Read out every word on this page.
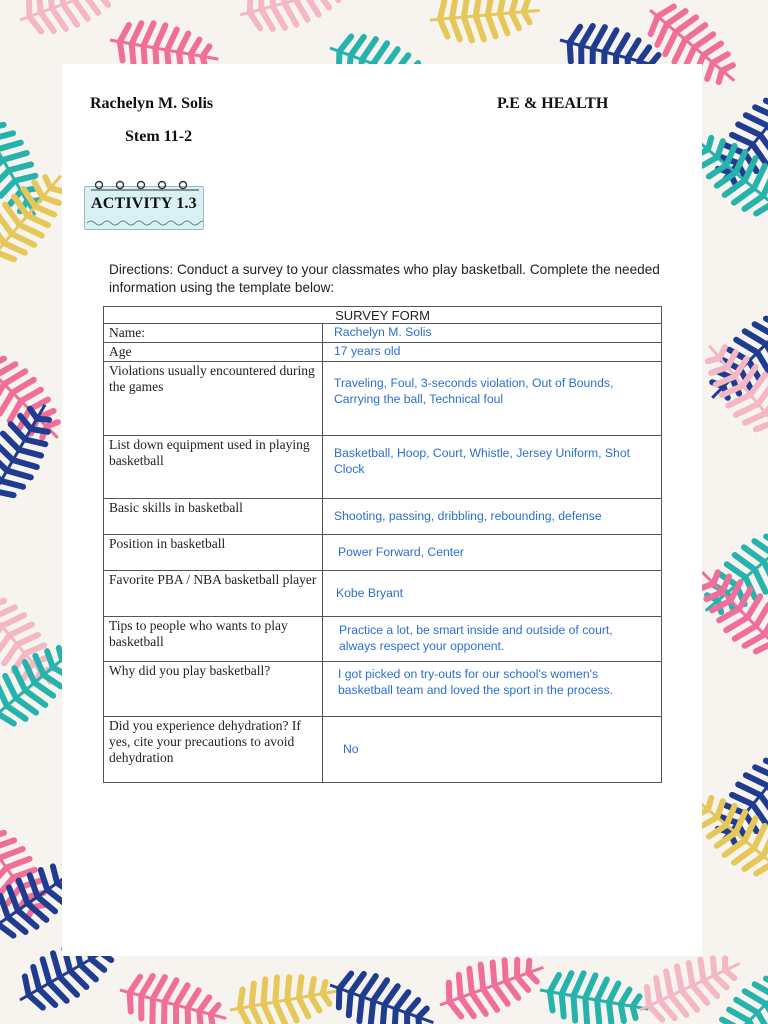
Rachelyn M. Solis
Stem 11-2
P.E & HEALTH
ACTIVITY 1.3
Directions: Conduct a survey to your classmates who play basketball. Complete the needed information using the template below:
SURVEY FORM	
Name:	Rachelyn M. Solis
Age	17 years old
Violations usually encountered during the games	Traveling, Foul, 3-seconds violation, Out of Bounds, Carrying the ball, Technical foul
List down equipment used in playing basketball	Basketball, Hoop, Court, Whistle, Jersey Uniform, Shot Clock
Basic skills in basketball	Shooting, passing, dribbling, rebounding, defense
Position in basketball	Power Forward, Center
Favorite PBA / NBA basketball player	Kobe Bryant
Tips to people who wants to play basketball	Practice a lot, be smart inside and outside of court, always respect your opponent.
Why did you play basketball?	I got picked on try-outs for our school's women's basketball team and loved the sport in the process.
Did you experience dehydration? If yes, cite your precautions to avoid dehydration	No
